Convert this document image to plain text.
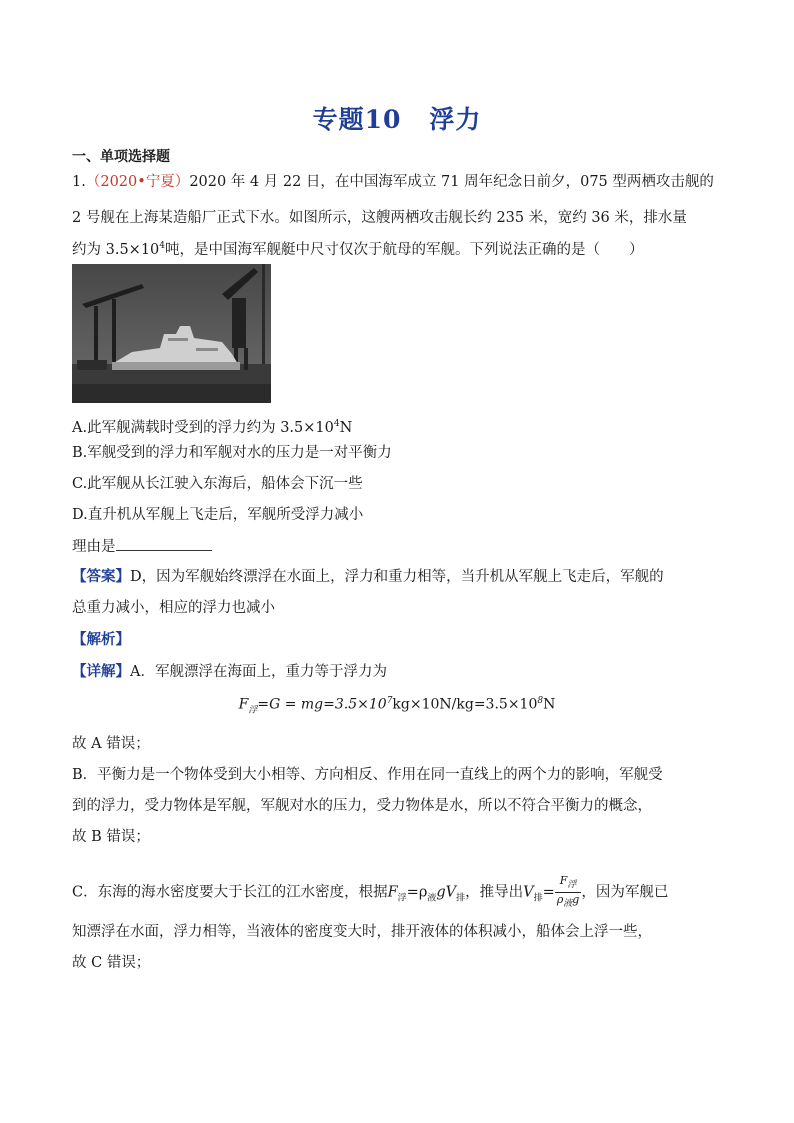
专题10 浮力
一、单项选择题
1.（2020•宁夏）2020 年 4 月 22 日，在中国海军成立 71 周年纪念日前夕，075 型两栖攻击舰的
2 号舰在上海某造船厂正式下水。如图所示，这艘两栖攻击舰长约 235 米，宽约 36 米，排水量
约为 $3.5\times 10^4$吨，是中国海军舰艇中尺寸仅次于航母的军舰。下列说法正确的是（　　）
A.此军舰满载时受到的浮力约为 $3.5\times 10^4N$
B.军舰受到的浮力和军舰对水的压力是一对平衡力
C.此军舰从长江驶入东海后，船体会下沉一些
D.直升机从军舰上飞走后，军舰所受浮力减小
理由是
【答案】D，因为军舰始终漂浮在水面上，浮力和重力相等，当升机从军舰上飞走后，军舰的
总重力减小，相应的浮力也减小
【解析】
【详解】A．军舰漂浮在海面上，重力等于浮力为
$F_浮=G = mg=3.5\times 10^7kg\times 10N/kg=3.5\times 10^8N$
故 A 错误；
B．平衡力是一个物体受到大小相等、方向相反、作用在同一直线上的两个力的影响，军舰受
到的浮力，受力物体是军舰，军舰对水的压力，受力物体是水，所以不符合平衡力的概念，
故 B 错误；
C．东海的海水密度要大于长江的江水密度，根据$F_浮=\rho_液gV_排$，推导出$V_排= \frac{F_浮}{\rho_液g}$ ，因为军舰已
知漂浮在水面，浮力相等，当液体的密度变大时，排开液体的体积减小，船体会上浮一些，
故 C 错误；
